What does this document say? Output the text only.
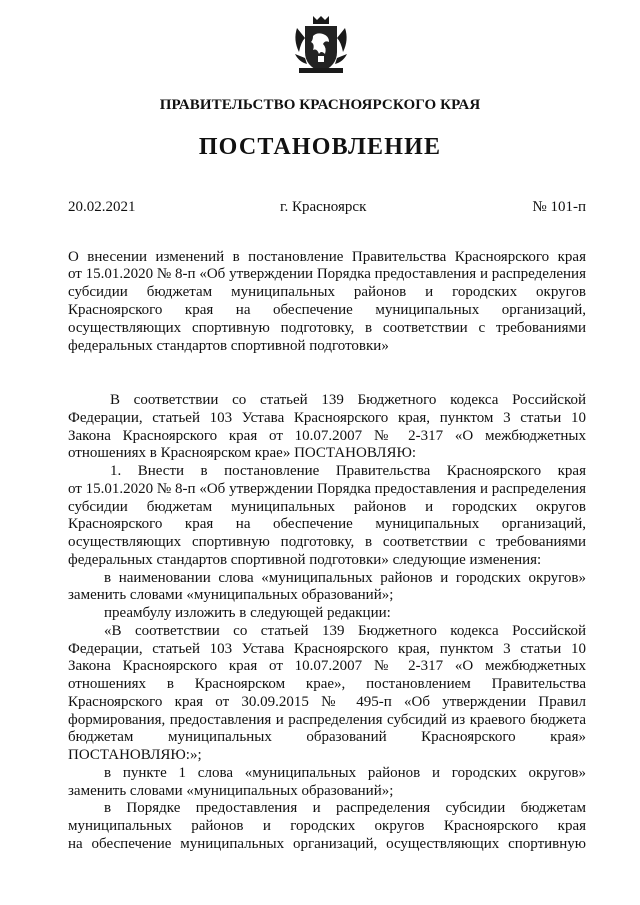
ПРАВИТЕЛЬСТВО КРАСНОЯРСКОГО КРАЯ
ПОСТАНОВЛЕНИЕ
20.02.2021	г. Красноярск	№ 101-п
О внесении изменений в постановление Правительства Красноярского края
от 15.01.2020 № 8-п «Об утверждении Порядка предоставления и распределения
субсидии бюджетам муниципальных районов и городских округов
Красноярского края на обеспечение муниципальных организаций,
осуществляющих спортивную подготовку, в соответствии с требованиями
федеральных стандартов спортивной подготовки»
В соответствии со статьей 139 Бюджетного кодекса Российской
Федерации, статьей 103 Устава Красноярского края, пунктом 3 статьи 10
Закона Красноярского края от 10.07.2007 № 2-317 «О межбюджетных
отношениях в Красноярском крае» ПОСТАНОВЛЯЮ:
1. Внести в постановление Правительства Красноярского края
от 15.01.2020 № 8-п «Об утверждении Порядка предоставления и распределения
субсидии бюджетам муниципальных районов и городских округов
Красноярского края на обеспечение муниципальных организаций,
осуществляющих спортивную подготовку, в соответствии с требованиями
федеральных стандартов спортивной подготовки» следующие изменения:
в наименовании слова «муниципальных районов и городских округов»
заменить словами «муниципальных образований»;
преамбулу изложить в следующей редакции:
«В соответствии со статьей 139 Бюджетного кодекса Российской
Федерации, статьей 103 Устава Красноярского края, пунктом 3 статьи 10
Закона Красноярского края от 10.07.2007 № 2-317 «О межбюджетных
отношениях в Красноярском крае», постановлением Правительства
Красноярского края от 30.09.2015 № 495-п «Об утверждении Правил
формирования, предоставления и распределения субсидий из краевого бюджета
бюджетам муниципальных образований Красноярского края»
ПОСТАНОВЛЯЮ:»;
в пункте 1 слова «муниципальных районов и городских округов»
заменить словами «муниципальных образований»;
в Порядке предоставления и распределения субсидии бюджетам
муниципальных районов и городских округов Красноярского края
на обеспечение муниципальных организаций, осуществляющих спортивную
